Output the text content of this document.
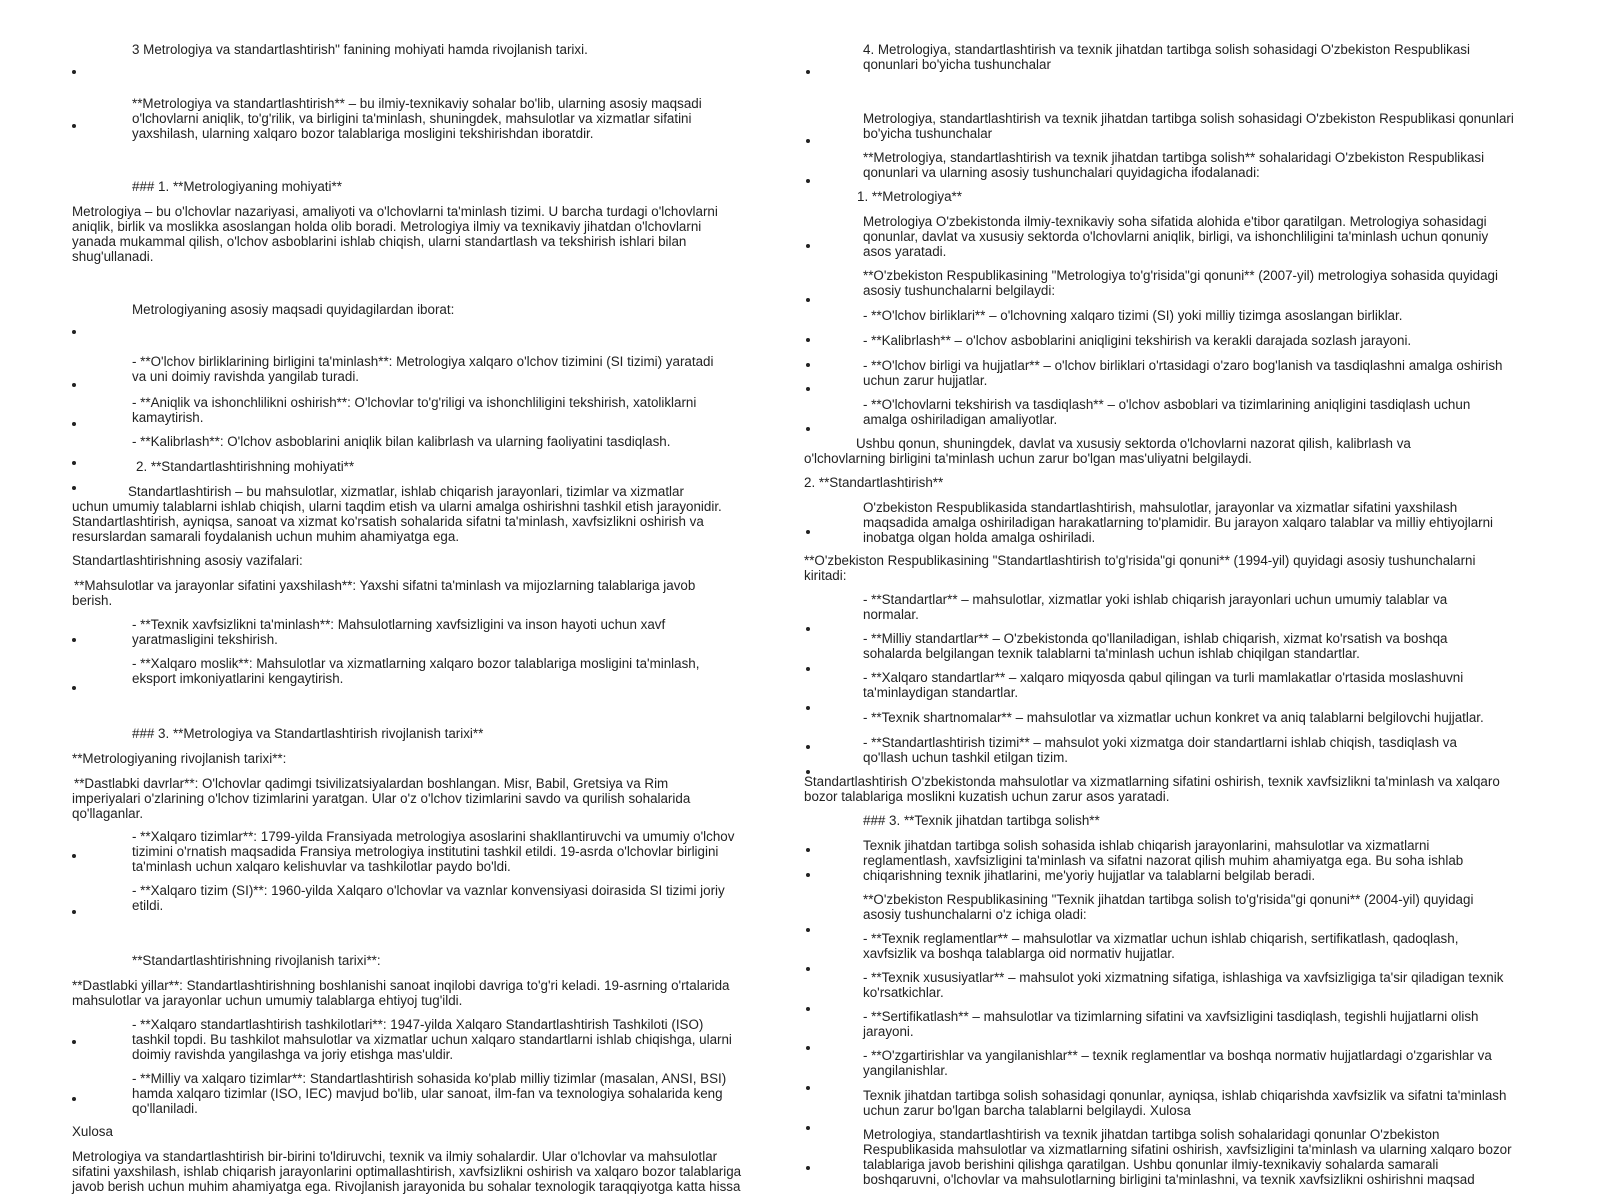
3 Metrologiya va standartlashtirish" fanining mohiyati hamda rivojlanish tarixi.
**Metrologiya va standartlashtirish** – bu ilmiy-texnikaviy sohalar bo'lib, ularning asosiy maqsadi
o'lchovlarni aniqlik, to'g'rilik, va birligini ta'minlash, shuningdek, mahsulotlar va xizmatlar sifatini
yaxshilash, ularning xalqaro bozor talablariga mosligini tekshirishdan iboratdir.
### 1. **Metrologiyaning mohiyati**
Metrologiya – bu o'lchovlar nazariyasi, amaliyoti va o'lchovlarni ta'minlash tizimi. U barcha turdagi o'lchovlarni
aniqlik, birlik va moslikka asoslangan holda olib boradi. Metrologiya ilmiy va texnikaviy jihatdan o'lchovlarni
yanada mukammal qilish, o'lchov asboblarini ishlab chiqish, ularni standartlash va tekshirish ishlari bilan
shug'ullanadi.
Metrologiyaning asosiy maqsadi quyidagilardan iborat:
- **O'lchov birliklarining birligini ta'minlash**: Metrologiya xalqaro o'lchov tizimini (SI tizimi) yaratadi
va uni doimiy ravishda yangilab turadi.
- **Aniqlik va ishonchlilikni oshirish**: O'lchovlar to'g'riligi va ishonchliligini tekshirish, xatoliklarni
kamaytirish.
- **Kalibrlash**: O'lchov asboblarini aniqlik bilan kalibrlash va ularning faoliyatini tasdiqlash.
2. **Standartlashtirishning mohiyati**
Standartlashtirish – bu mahsulotlar, xizmatlar, ishlab chiqarish jarayonlari, tizimlar va xizmatlar
uchun umumiy talablarni ishlab chiqish, ularni taqdim etish va ularni amalga oshirishni tashkil etish jarayonidir.
Standartlashtirish, ayniqsa, sanoat va xizmat ko'rsatish sohalarida sifatni ta'minlash, xavfsizlikni oshirish va
resurslardan samarali foydalanish uchun muhim ahamiyatga ega.
Standartlashtirishning asosiy vazifalari:
**Mahsulotlar va jarayonlar sifatini yaxshilash**: Yaxshi sifatni ta'minlash va mijozlarning talablariga javob
berish.
- **Texnik xavfsizlikni ta'minlash**: Mahsulotlarning xavfsizligini va inson hayoti uchun xavf
yaratmasligini tekshirish.
- **Xalqaro moslik**: Mahsulotlar va xizmatlarning xalqaro bozor talablariga mosligini ta'minlash,
eksport imkoniyatlarini kengaytirish.
### 3. **Metrologiya va Standartlashtirish rivojlanish tarixi**
**Metrologiyaning rivojlanish tarixi**:
**Dastlabki davrlar**: O'lchovlar qadimgi tsivilizatsiyalardan boshlangan. Misr, Babil, Gretsiya va Rim
imperiyalari o'zlarining o'lchov tizimlarini yaratgan. Ular o'z o'lchov tizimlarini savdo va qurilish sohalarida
qo'llaganlar.
- **Xalqaro tizimlar**: 1799-yilda Fransiyada metrologiya asoslarini shakllantiruvchi va umumiy o'lchov
tizimini o'rnatish maqsadida Fransiya metrologiya institutini tashkil etildi. 19-asrda o'lchovlar birligini
ta'minlash uchun xalqaro kelishuvlar va tashkilotlar paydo bo'ldi.
- **Xalqaro tizim (SI)**: 1960-yilda Xalqaro o'lchovlar va vaznlar konvensiyasi doirasida SI tizimi joriy
etildi.
**Standartlashtirishning rivojlanish tarixi**:
**Dastlabki yillar**: Standartlashtirishning boshlanishi sanoat inqilobi davriga to'g'ri keladi. 19-asrning o'rtalarida
mahsulotlar va jarayonlar uchun umumiy talablarga ehtiyoj tug'ildi.
- **Xalqaro standartlashtirish tashkilotlari**: 1947-yilda Xalqaro Standartlashtirish Tashkiloti (ISO)
tashkil topdi. Bu tashkilot mahsulotlar va xizmatlar uchun xalqaro standartlarni ishlab chiqishga, ularni
doimiy ravishda yangilashga va joriy etishga mas'uldir.
- **Milliy va xalqaro tizimlar**: Standartlashtirish sohasida ko'plab milliy tizimlar (masalan, ANSI, BSI)
hamda xalqaro tizimlar (ISO, IEC) mavjud bo'lib, ular sanoat, ilm-fan va texnologiya sohalarida keng
qo'llaniladi.
Xulosa
Metrologiya va standartlashtirish bir-birini to'ldiruvchi, texnik va ilmiy sohalardir. Ular o'lchovlar va mahsulotlar
sifatini yaxshilash, ishlab chiqarish jarayonlarini optimallashtirish, xavfsizlikni oshirish va xalqaro bozor talablariga
javob berish uchun muhim ahamiyatga ega. Rivojlanish jarayonida bu sohalar texnologik taraqqiyotga katta hissa
4. Metrologiya, standartlashtirish va texnik jihatdan tartibga solish sohasidagi O'zbekiston Respublikasi
qonunlari bo'yicha tushunchalar
Metrologiya, standartlashtirish va texnik jihatdan tartibga solish sohasidagi O'zbekiston Respublikasi qonunlari
bo'yicha tushunchalar
**Metrologiya, standartlashtirish va texnik jihatdan tartibga solish** sohalaridagi O'zbekiston Respublikasi
qonunlari va ularning asosiy tushunchalari quyidagicha ifodalanadi:
1. **Metrologiya**
Metrologiya O'zbekistonda ilmiy-texnikaviy soha sifatida alohida e'tibor qaratilgan. Metrologiya sohasidagi
qonunlar, davlat va xususiy sektorda o'lchovlarni aniqlik, birligi, va ishonchliligini ta'minlash uchun qonuniy
asos yaratadi.
**O'zbekiston Respublikasining "Metrologiya to'g'risida"gi qonuni** (2007-yil) metrologiya sohasida quyidagi
asosiy tushunchalarni belgilaydi:
- **O'lchov birliklari** – o'lchovning xalqaro tizimi (SI) yoki milliy tizimga asoslangan birliklar.
- **Kalibrlash** – o'lchov asboblarini aniqligini tekshirish va kerakli darajada sozlash jarayoni.
- **O'lchov birligi va hujjatlar** – o'lchov birliklari o'rtasidagi o'zaro bog'lanish va tasdiqlashni amalga oshirish
uchun zarur hujjatlar.
- **O'lchovlarni tekshirish va tasdiqlash** – o'lchov asboblari va tizimlarining aniqligini tasdiqlash uchun
amalga oshiriladigan amaliyotlar.
Ushbu qonun, shuningdek, davlat va xususiy sektorda o'lchovlarni nazorat qilish, kalibrlash va
o'lchovlarning birligini ta'minlash uchun zarur bo'lgan mas'uliyatni belgilaydi.
2. **Standartlashtirish**
O'zbekiston Respublikasida standartlashtirish, mahsulotlar, jarayonlar va xizmatlar sifatini yaxshilash
maqsadida amalga oshiriladigan harakatlarning to'plamidir. Bu jarayon xalqaro talablar va milliy ehtiyojlarni
inobatga olgan holda amalga oshiriladi.
**O'zbekiston Respublikasining "Standartlashtirish to'g'risida"gi qonuni** (1994-yil) quyidagi asosiy tushunchalarni
kiritadi:
- **Standartlar** – mahsulotlar, xizmatlar yoki ishlab chiqarish jarayonlari uchun umumiy talablar va
normalar.
- **Milliy standartlar** – O'zbekistonda qo'llaniladigan, ishlab chiqarish, xizmat ko'rsatish va boshqa
sohalarda belgilangan texnik talablarni ta'minlash uchun ishlab chiqilgan standartlar.
- **Xalqaro standartlar** – xalqaro miqyosda qabul qilingan va turli mamlakatlar o'rtasida moslashuvni
ta'minlaydigan standartlar.
- **Texnik shartnomalar** – mahsulotlar va xizmatlar uchun konkret va aniq talablarni belgilovchi hujjatlar.
- **Standartlashtirish tizimi** – mahsulot yoki xizmatga doir standartlarni ishlab chiqish, tasdiqlash va
qo'llash uchun tashkil etilgan tizim.
Standartlashtirish O'zbekistonda mahsulotlar va xizmatlarning sifatini oshirish, texnik xavfsizlikni ta'minlash va xalqaro
bozor talablariga moslikni kuzatish uchun zarur asos yaratadi.
### 3. **Texnik jihatdan tartibga solish**
Texnik jihatdan tartibga solish sohasida ishlab chiqarish jarayonlarini, mahsulotlar va xizmatlarni
reglamentlash, xavfsizligini ta'minlash va sifatni nazorat qilish muhim ahamiyatga ega. Bu soha ishlab
chiqarishning texnik jihatlarini, me'yoriy hujjatlar va talablarni belgilab beradi.
**O'zbekiston Respublikasining "Texnik jihatdan tartibga solish to'g'risida"gi qonuni** (2004-yil) quyidagi
asosiy tushunchalarni o'z ichiga oladi:
- **Texnik reglamentlar** – mahsulotlar va xizmatlar uchun ishlab chiqarish, sertifikatlash, qadoqlash,
xavfsizlik va boshqa talablarga oid normativ hujjatlar.
- **Texnik xususiyatlar** – mahsulot yoki xizmatning sifatiga, ishlashiga va xavfsizligiga ta'sir qiladigan texnik
ko'rsatkichlar.
- **Sertifikatlash** – mahsulotlar va tizimlarning sifatini va xavfsizligini tasdiqlash, tegishli hujjatlarni olish
jarayoni.
- **O'zgartirishlar va yangilanishlar** – texnik reglamentlar va boshqa normativ hujjatlardagi o'zgarishlar va
yangilanishlar.
Texnik jihatdan tartibga solish sohasidagi qonunlar, ayniqsa, ishlab chiqarishda xavfsizlik va sifatni ta'minlash
uchun zarur bo'lgan barcha talablarni belgilaydi. Xulosa
Metrologiya, standartlashtirish va texnik jihatdan tartibga solish sohalaridagi qonunlar O'zbekiston
Respublikasida mahsulotlar va xizmatlarning sifatini oshirish, xavfsizligini ta'minlash va ularning xalqaro bozor
talablariga javob berishini qilishga qaratilgan. Ushbu qonunlar ilmiy-texnikaviy sohalarda samarali
boshqaruvni, o'lchovlar va mahsulotlarning birligini ta'minlashni, va texnik xavfsizlikni oshirishni maqsad
